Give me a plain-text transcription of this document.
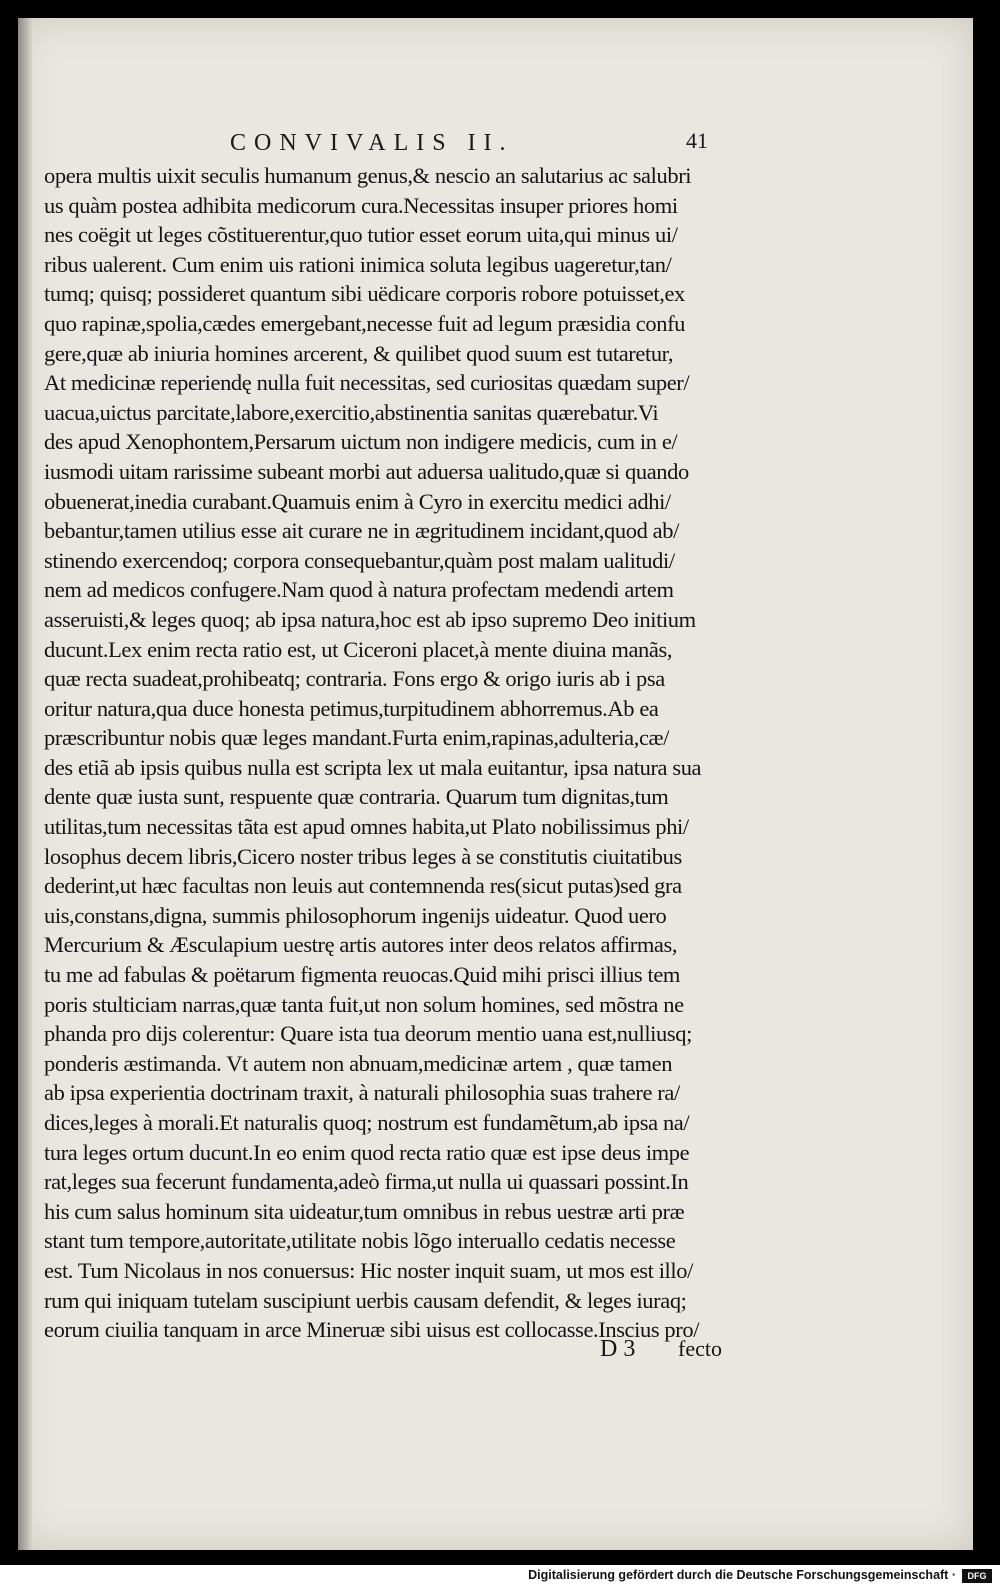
CONVIVALIS II.	41
opera multis uixit seculis humanum genus,& nescio an salutarius ac salubri
us quàm postea adhibita medicorum cura.Necessitas insuper priores homi
nes coëgit ut leges cõstituerentur,quo tutior esset eorum uita,qui minus ui/
ribus ualerent. Cum enim uis rationi inimica soluta legibus uageretur,tan/
tumq; quisq; possideret quantum sibi uëdicare corporis robore potuisset,ex
quo rapinæ,spolia,cædes emergebant,necesse fuit ad legum præsidia confu
gere,quæ ab iniuria homines arcerent, & quilibet quod suum est tutaretur,
At medicinæ reperiendę nulla fuit necessitas, sed curiositas quædam super/
uacua,uictus parcitate,labore,exercitio,abstinentia sanitas quærebatur.Vi
des apud Xenophontem,Persarum uictum non indigere medicis, cum in e/
iusmodi uitam rarissime subeant morbi aut aduersa ualitudo,quæ si quando
obuenerat,inedia curabant.Quamuis enim à Cyro in exercitu medici adhi/
bebantur,tamen utilius esse ait curare ne in ægritudinem incidant,quod ab/
stinendo exercendoq; corpora consequebantur,quàm post malam ualitudi/
nem ad medicos confugere.Nam quod à natura profectam medendi artem
asseruisti,& leges quoq; ab ipsa natura,hoc est ab ipso supremo Deo initium
ducunt.Lex enim recta ratio est, ut Ciceroni placet,à mente diuina manãs,
quæ recta suadeat,prohibeatq; contraria. Fons ergo & origo iuris ab i psa
oritur natura,qua duce honesta petimus,turpitudinem abhorremus.Ab ea
præscribuntur nobis quæ leges mandant.Furta enim,rapinas,adulteria,cæ/
des etiã ab ipsis quibus nulla est scripta lex ut mala euitantur, ipsa natura sua
dente quæ iusta sunt, respuente quæ contraria. Quarum tum dignitas,tum
utilitas,tum necessitas tãta est apud omnes habita,ut Plato nobilissimus phi/
losophus decem libris,Cicero noster tribus leges à se constitutis ciuitatibus
dederint,ut hæc facultas non leuis aut contemnenda res(sicut putas)sed gra
uis,constans,digna, summis philosophorum ingenijs uideatur. Quod uero
Mercurium & Æsculapium uestrę artis autores inter deos relatos affirmas,
tu me ad fabulas & poëtarum figmenta reuocas.Quid mihi prisci illius tem
poris stulticiam narras,quæ tanta fuit,ut non solum homines, sed mõstra ne
phanda pro dijs colerentur: Quare ista tua deorum mentio uana est,nulliusq;
ponderis æstimanda. Vt autem non abnuam,medicinæ artem , quæ tamen
ab ipsa experientia doctrinam traxit, à naturali philosophia suas trahere ra/
dices,leges à morali.Et naturalis quoq; nostrum est fundamẽtum,ab ipsa na/
tura leges ortum ducunt.In eo enim quod recta ratio quæ est ipse deus impe
rat,leges sua fecerunt fundamenta,adeò firma,ut nulla ui quassari possint.In
his cum salus hominum sita uideatur,tum omnibus in rebus uestræ arti præ
stant tum tempore,autoritate,utilitate nobis lõgo interuallo cedatis necesse
est. Tum Nicolaus in nos conuersus: Hic noster inquit suam, ut mos est illo/
rum qui iniquam tutelam suscipiunt uerbis causam defendit, & leges iuraq;
eorum ciuilia tanquam in arce Mineruæ sibi uisus est collocasse.Inscius pro/
D 3 fecto
Digitalisierung gefördert durch die Deutsche Forschungsgemeinschaft ·	DFG
